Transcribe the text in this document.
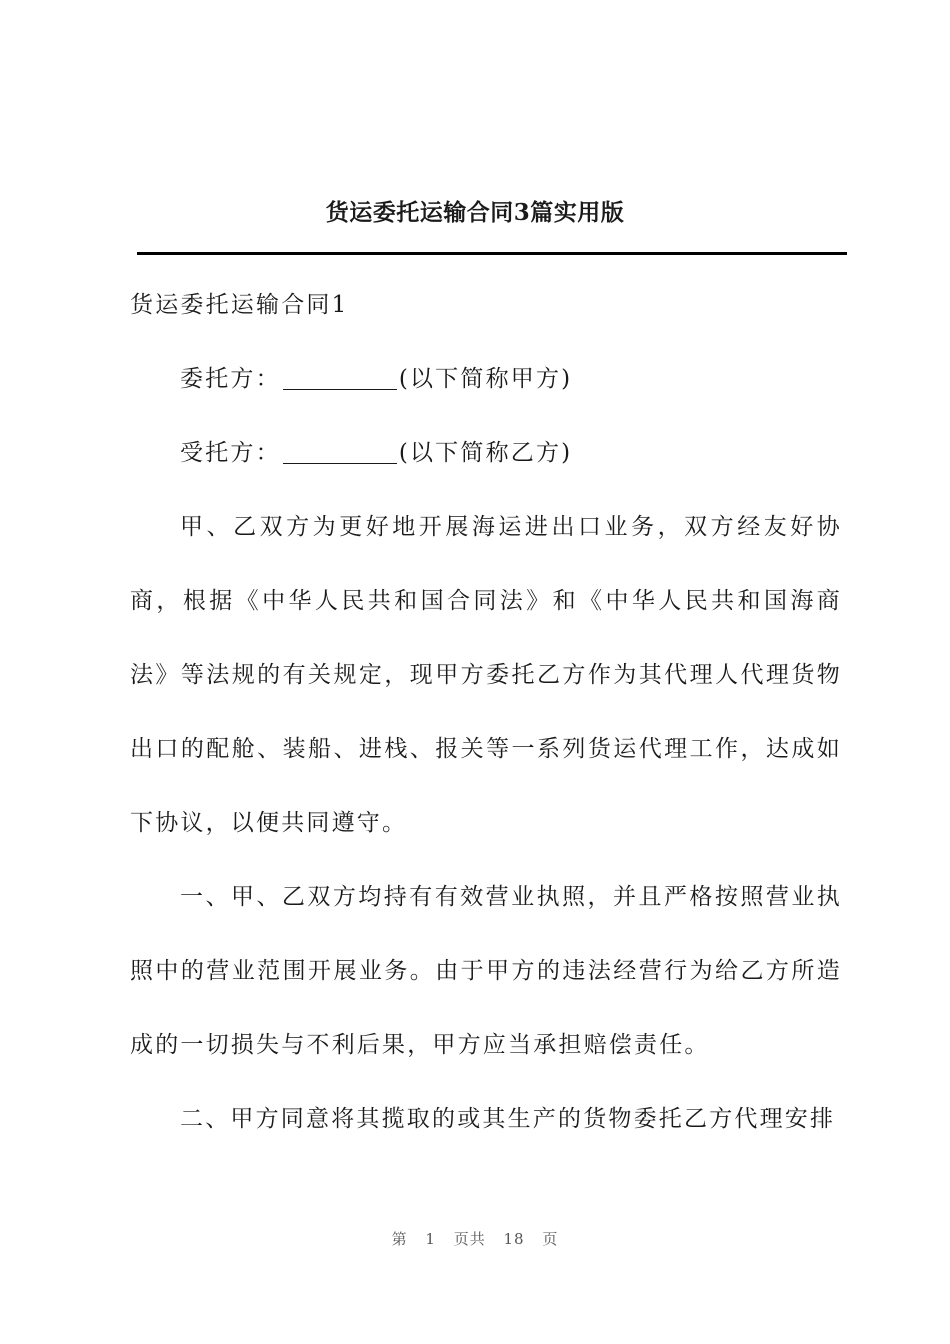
货运委托运输合同3篇实用版

货运委托运输合同1

委托方：	(以下简称甲方)

受托方：	(以下简称乙方)

甲、乙双方为更好地开展海运进出口业务，双方经友好协商，根据《中华人民共和国合同法》和《中华人民共和国海商法》等法规的有关规定，现甲方委托乙方作为其代理人代理货物出口的配舱、装船、进栈、报关等一系列货运代理工作，达成如下协议，以便共同遵守。

一、甲、乙双方均持有有效营业执照，并且严格按照营业执照中的营业范围开展业务。由于甲方的违法经营行为给乙方所造成的一切损失与不利后果，甲方应当承担赔偿责任。

二、甲方同意将其揽取的或其生产的货物委托乙方代理安排

第 1 页共 18 页
